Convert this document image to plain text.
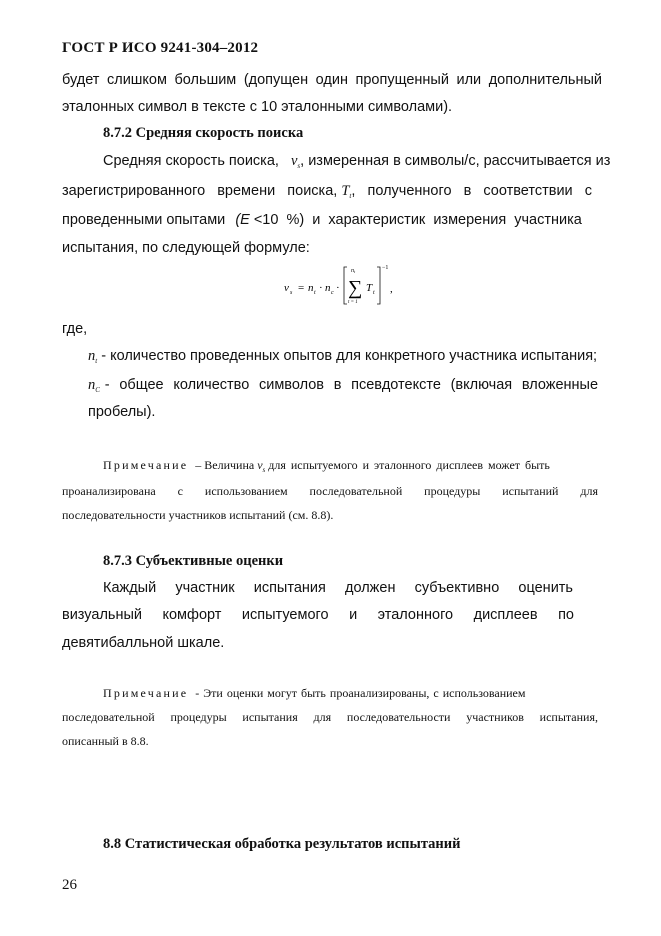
ГОСТ Р ИСО 9241-304–2012
будет слишком большим (допущен один пропущенный или дополнительный
эталонных символ в тексте с 10 эталонными символами).
8.7.2 Средняя скорость поиска
Средняя скорость поиска, $v_s$, измеренная в символы/с, рассчитывается из
зарегистрированного   времени   поиска, $T_t$,   полученного   в   соответствии   с
проведенными опытами (E <10  %)  и  характеристик  измерения  участника
испытания, по следующей формуле:
v s = n t · n c ·
n t
∑
t = 1
T t
−1
,
где,
$n_t$ - количество проведенных опытов для конкретного участника испытания;
$n_C$ -  общее  количество  символов  в  псевдотексте  (включая  вложенные
пробелы).
Примечание – Величина $v_s$ для испытуемого и эталонного дисплеев может быть
проанализирована с использованием последовательной процедуры испытаний для
последовательности участников испытаний (см. 8.8).
8.7.3 Субъективные оценки
Каждый участник испытания должен субъективно оценить
визуальный комфорт испытуемого и эталонного дисплеев по
девятибалльной шкале.
Примечание - Эти оценки могут быть проанализированы, с использованием
последовательной процедуры испытания для последовательности участников испытания,
описанный в 8.8.
8.8 Статистическая обработка результатов испытаний
26
